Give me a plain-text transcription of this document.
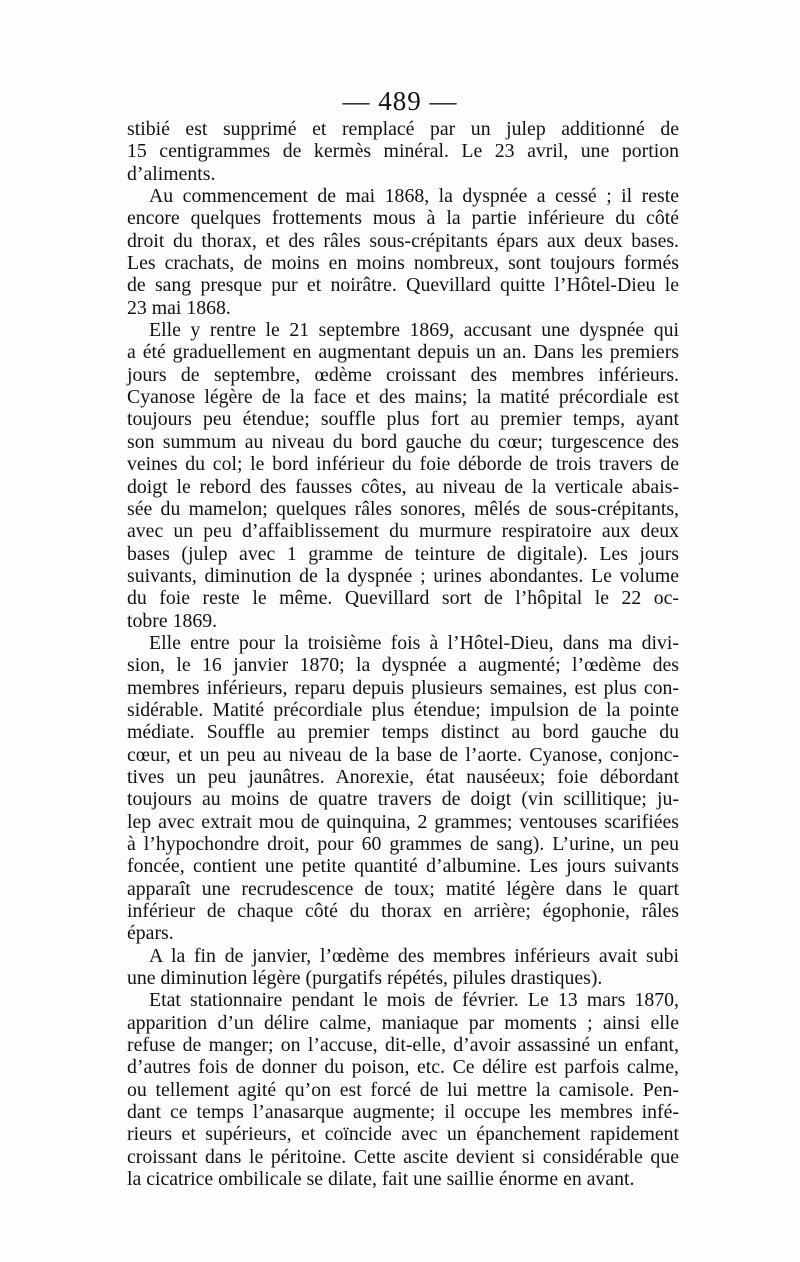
— 489 —
stibié est supprimé et remplacé par un julep additionné de
15 centigrammes de kermès minéral. Le 23 avril, une portion
d’aliments.
Au commencement de mai 1868, la dyspnée a cessé ; il reste
encore quelques frottements mous à la partie inférieure du côté
droit du thorax, et des râles sous-crépitants épars aux deux bases.
Les crachats, de moins en moins nombreux, sont toujours formés
de sang presque pur et noirâtre. Quevillard quitte l’Hôtel-Dieu le
23 mai 1868.
Elle y rentre le 21 septembre 1869, accusant une dyspnée qui
a été graduellement en augmentant depuis un an. Dans les premiers
jours de septembre, œdème croissant des membres inférieurs.
Cyanose légère de la face et des mains; la matité précordiale est
toujours peu étendue; souffle plus fort au premier temps, ayant
son summum au niveau du bord gauche du cœur; turgescence des
veines du col; le bord inférieur du foie déborde de trois travers de
doigt le rebord des fausses côtes, au niveau de la verticale abais-
sée du mamelon; quelques râles sonores, mêlés de sous-crépitants,
avec un peu d’affaiblissement du murmure respiratoire aux deux
bases (julep avec 1 gramme de teinture de digitale). Les jours
suivants, diminution de la dyspnée ; urines abondantes. Le volume
du foie reste le même. Quevillard sort de l’hôpital le 22 oc-
tobre 1869.
Elle entre pour la troisième fois à l’Hôtel-Dieu, dans ma divi-
sion, le 16 janvier 1870; la dyspnée a augmenté; l’œdème des
membres inférieurs, reparu depuis plusieurs semaines, est plus con-
sidérable. Matité précordiale plus étendue; impulsion de la pointe
médiate. Souffle au premier temps distinct au bord gauche du
cœur, et un peu au niveau de la base de l’aorte. Cyanose, conjonc-
tives un peu jaunâtres. Anorexie, état nauséeux; foie débordant
toujours au moins de quatre travers de doigt (vin scillitique; ju-
lep avec extrait mou de quinquina, 2 grammes; ventouses scarifiées
à l’hypochondre droit, pour 60 grammes de sang). L’urine, un peu
foncée, contient une petite quantité d’albumine. Les jours suivants
apparaît une recrudescence de toux; matité légère dans le quart
inférieur de chaque côté du thorax en arrière; égophonie, râles
épars.
A la fin de janvier, l’œdème des membres inférieurs avait subi
une diminution légère (purgatifs répétés, pilules drastiques).
Etat stationnaire pendant le mois de février. Le 13 mars 1870,
apparition d’un délire calme, maniaque par moments ; ainsi elle
refuse de manger; on l’accuse, dit-elle, d’avoir assassiné un enfant,
d’autres fois de donner du poison, etc. Ce délire est parfois calme,
ou tellement agité qu’on est forcé de lui mettre la camisole. Pen-
dant ce temps l’anasarque augmente; il occupe les membres infé-
rieurs et supérieurs, et coïncide avec un épanchement rapidement
croissant dans le péritoine. Cette ascite devient si considérable que
la cicatrice ombilicale se dilate, fait une saillie énorme en avant.
